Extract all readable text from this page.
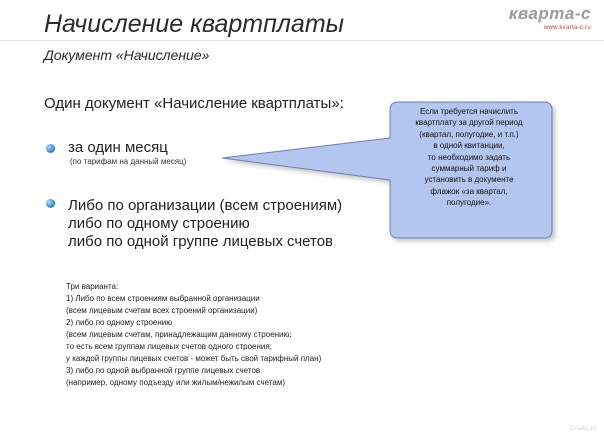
Начисление квартплаты
Документ «Начисление»
кварта-с
www.kvarta-c.ru
Один документ «Начисление квартплаты»:
за один месяц
(по тарифам на данный месяц)
Либо по организации (всем строениям)
либо по одному строению
либо по одной группе лицевых счетов
Если требуется начислить
квартплату за другой период
(квартал, полугодие, и т.п.)
в одной квитанции,
то необходимо задать
суммарный тариф и
установить в документе
флажок «за квартал,
полугодие».
Три варианта:
1) Либо по всем строениям выбранной организации
(всем лицевым счетам всех строений организации)
2) либо по одному строению
(всем лицевым счетам, принадлежащим данному строению;
то есть всем группам лицевых счетов одного строения;
у каждой группы лицевых счетов - может быть свой тарифный план)
3) либо по одной выбранной группе лицевых счетов
(например, одному подъезду или жилым/нежилым счетам)
Слайд 10
